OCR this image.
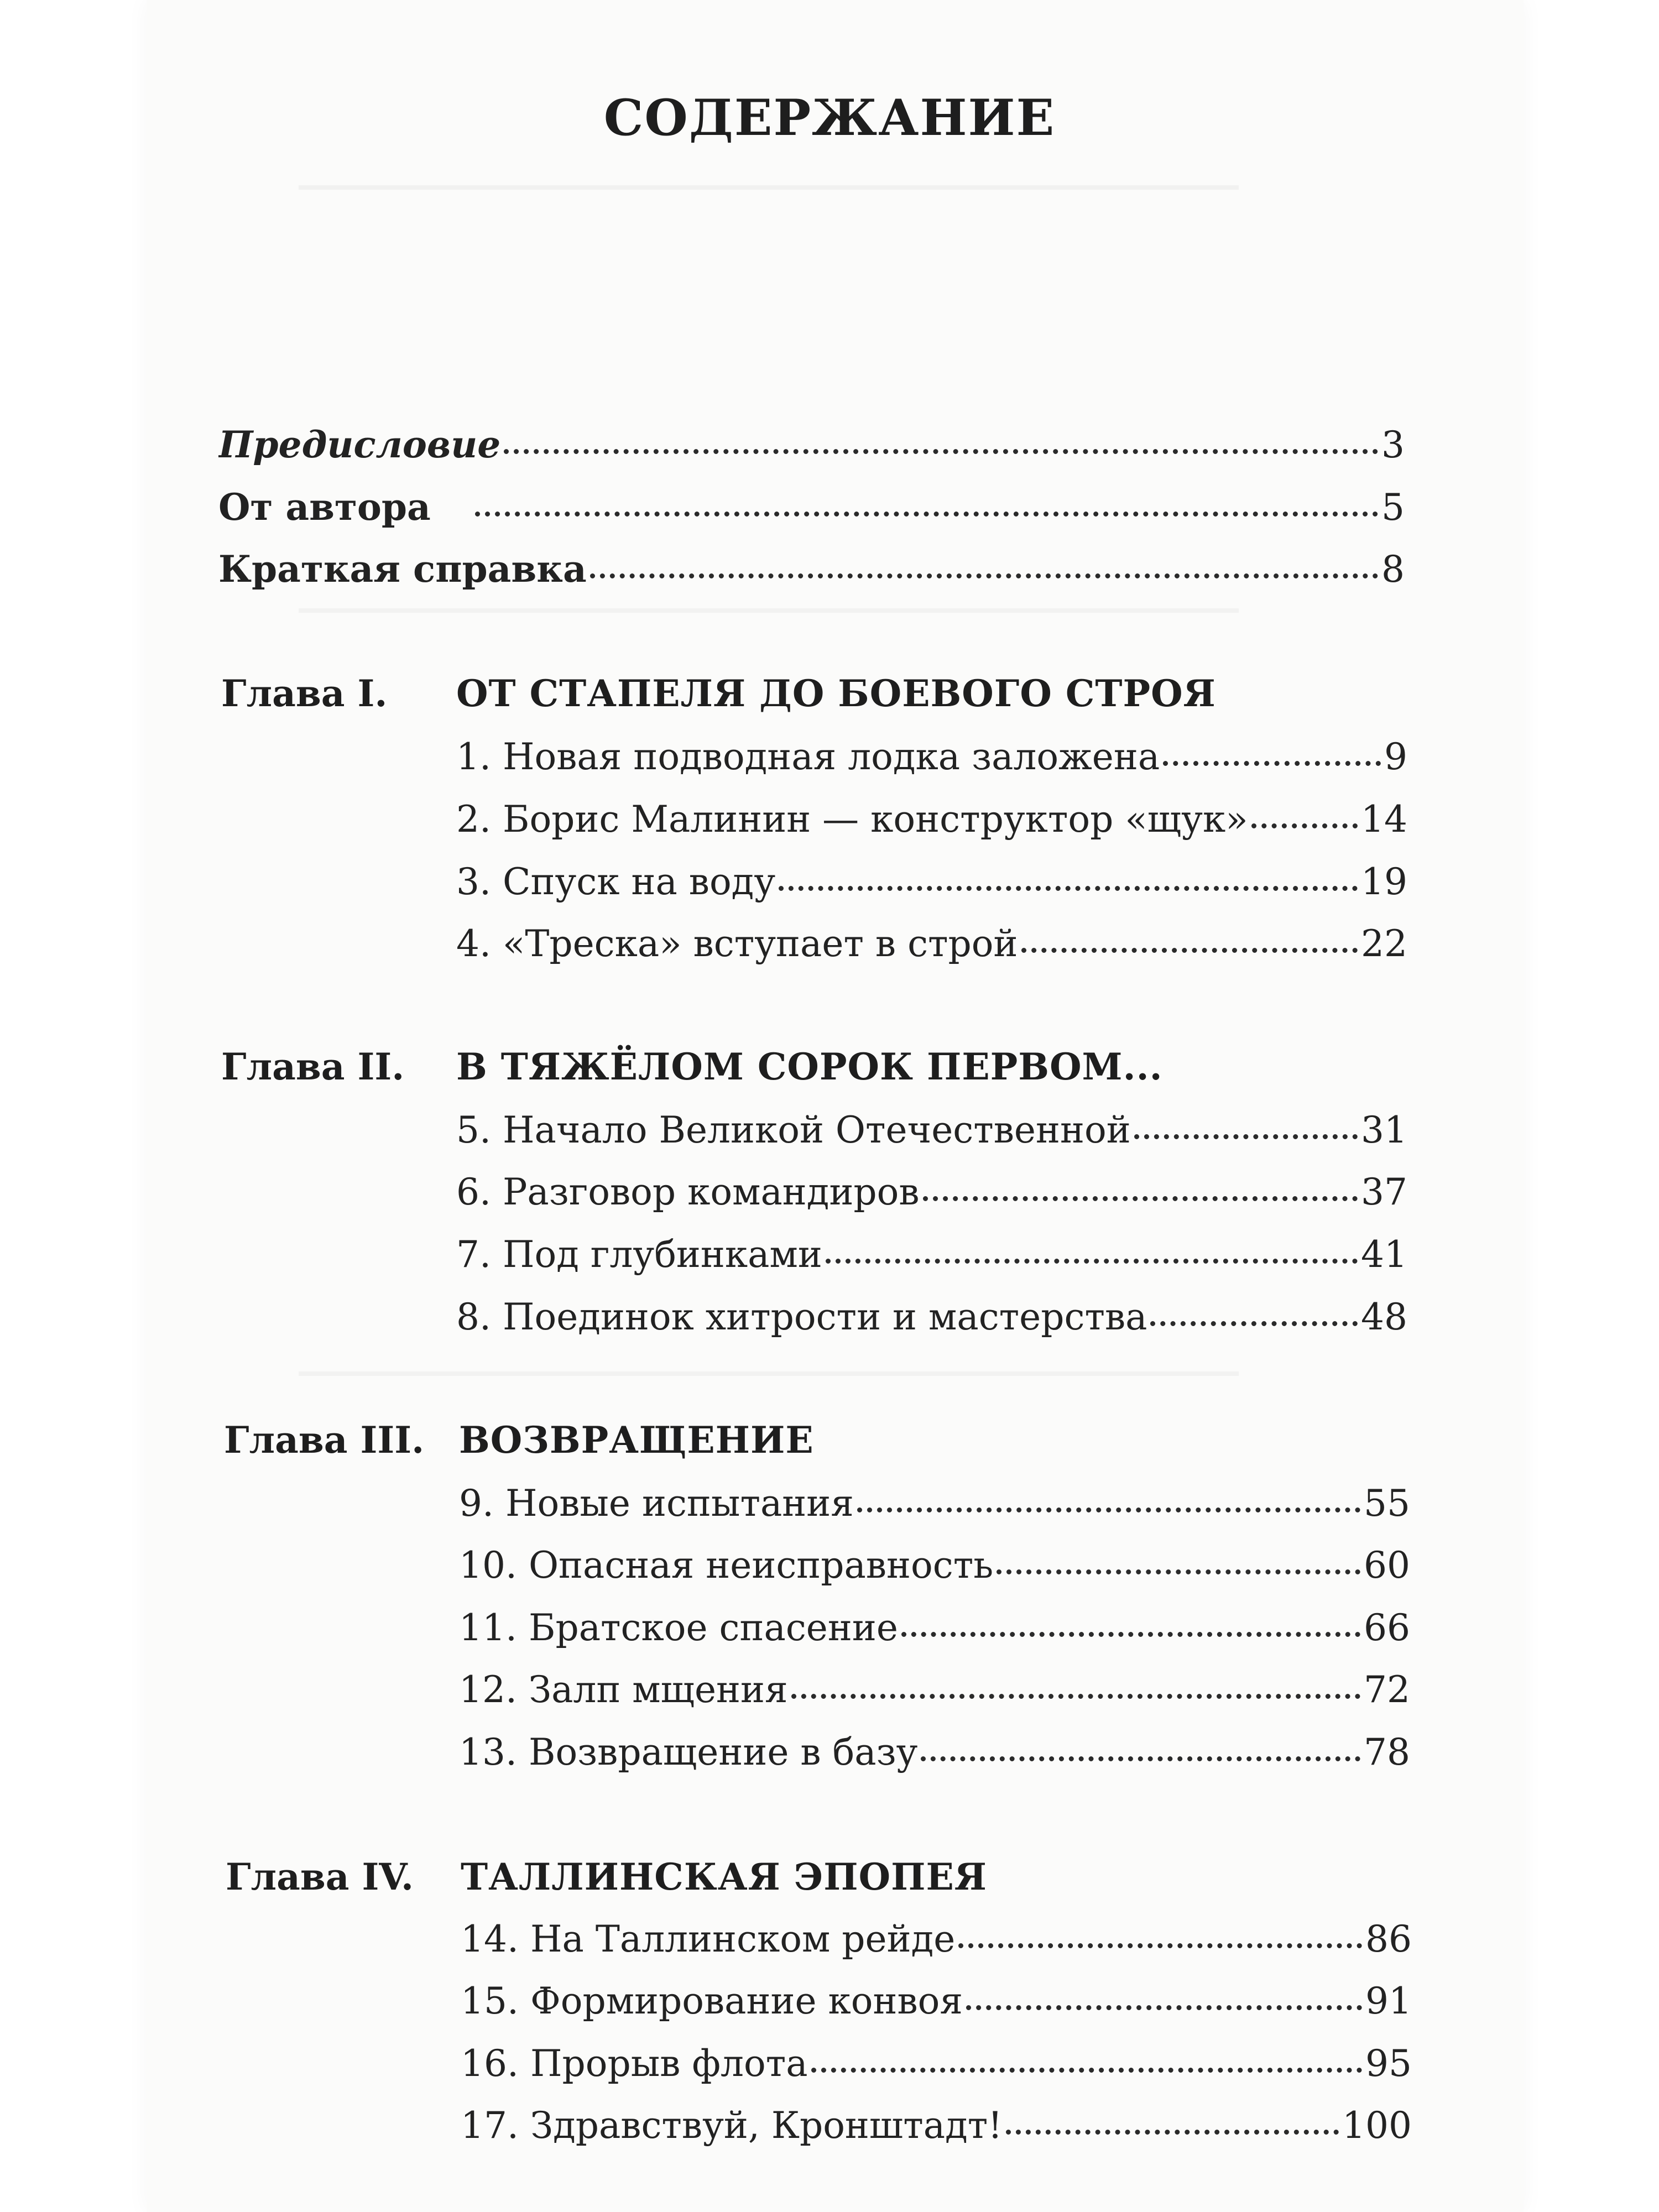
СОДЕРЖАНИЕ
Предисловие	3
От автора	5
Краткая справка	8
Глава I. ОТ СТАПЕЛЯ ДО БОЕВОГО СТРОЯ
1. Новая подводная лодка заложена	9
2. Борис Малинин — конструктор «щук»	14
3. Спуск на воду	19
4. «Треска» вступает в строй	22
Глава II. В ТЯЖЁЛОМ СОРОК ПЕРВОМ...
5. Начало Великой Отечественной	31
6. Разговор командиров	37
7. Под глубинками	41
8. Поединок хитрости и мастерства	48
Глава III. ВОЗВРАЩЕНИЕ
9. Новые испытания	55
10. Опасная неисправность	60
11. Братское спасение	66
12. Залп мщения	72
13. Возвращение в базу	78
Глава IV. ТАЛЛИНСКАЯ ЭПОПЕЯ
14. На Таллинском рейде	86
15. Формирование конвоя	91
16. Прорыв флота	95
17. Здравствуй, Кронштадт!	100
